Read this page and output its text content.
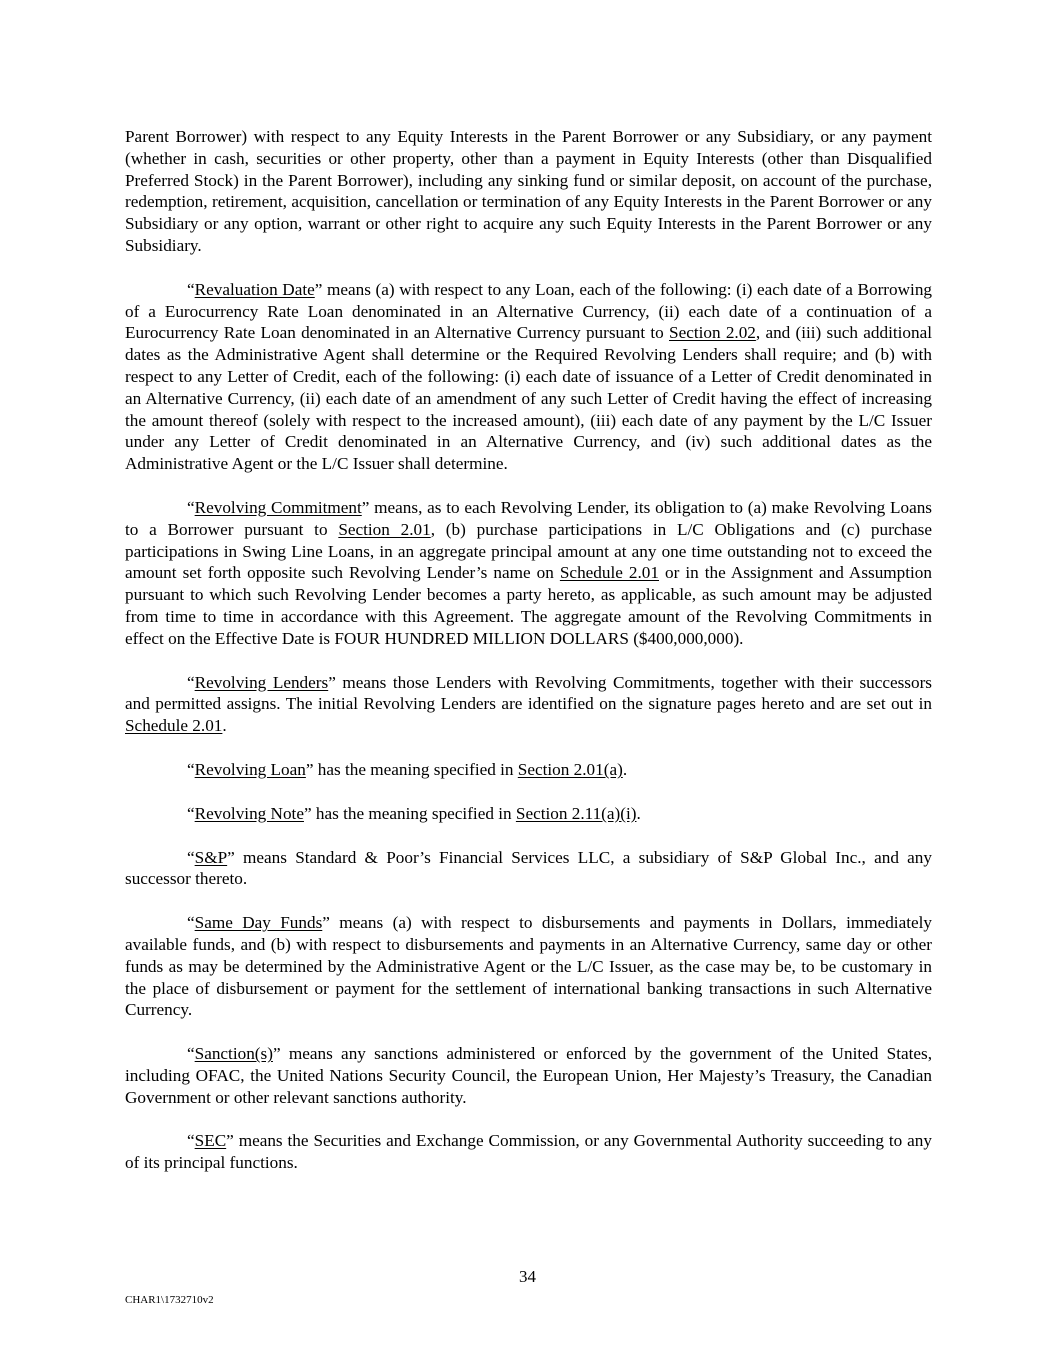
Parent Borrower) with respect to any Equity Interests in the Parent Borrower or any Subsidiary, or any payment (whether in cash, securities or other property, other than a payment in Equity Interests (other than Disqualified Preferred Stock) in the Parent Borrower), including any sinking fund or similar deposit, on account of the purchase, redemption, retirement, acquisition, cancellation or termination of any Equity Interests in the Parent Borrower or any Subsidiary or any option, warrant or other right to acquire any such Equity Interests in the Parent Borrower or any Subsidiary.

“Revaluation Date” means (a) with respect to any Loan, each of the following: (i) each date of a Borrowing of a Eurocurrency Rate Loan denominated in an Alternative Currency, (ii) each date of a continuation of a Eurocurrency Rate Loan denominated in an Alternative Currency pursuant to Section 2.02, and (iii) such additional dates as the Administrative Agent shall determine or the Required Revolving Lenders shall require; and (b) with respect to any Letter of Credit, each of the following: (i) each date of issuance of a Letter of Credit denominated in an Alternative Currency, (ii) each date of an amendment of any such Letter of Credit having the effect of increasing the amount thereof (solely with respect to the increased amount), (iii) each date of any payment by the L/C Issuer under any Letter of Credit denominated in an Alternative Currency, and (iv) such additional dates as the Administrative Agent or the L/C Issuer shall determine.

“Revolving Commitment” means, as to each Revolving Lender, its obligation to (a) make Revolving Loans to a Borrower pursuant to Section 2.01, (b) purchase participations in L/C Obligations and (c) purchase participations in Swing Line Loans, in an aggregate principal amount at any one time outstanding not to exceed the amount set forth opposite such Revolving Lender’s name on Schedule 2.01 or in the Assignment and Assumption pursuant to which such Revolving Lender becomes a party hereto, as applicable, as such amount may be adjusted from time to time in accordance with this Agreement. The aggregate amount of the Revolving Commitments in effect on the Effective Date is FOUR HUNDRED MILLION DOLLARS ($400,000,000).

“Revolving Lenders” means those Lenders with Revolving Commitments, together with their successors and permitted assigns. The initial Revolving Lenders are identified on the signature pages hereto and are set out in Schedule 2.01.

“Revolving Loan” has the meaning specified in Section 2.01(a).

“Revolving Note” has the meaning specified in Section 2.11(a)(i).

“S&P” means Standard & Poor’s Financial Services LLC, a subsidiary of S&P Global Inc., and any successor thereto.

“Same Day Funds” means (a) with respect to disbursements and payments in Dollars, immediately available funds, and (b) with respect to disbursements and payments in an Alternative Currency, same day or other funds as may be determined by the Administrative Agent or the L/C Issuer, as the case may be, to be customary in the place of disbursement or payment for the settlement of international banking transactions in such Alternative Currency.

“Sanction(s)” means any sanctions administered or enforced by the government of the United States, including OFAC, the United Nations Security Council, the European Union, Her Majesty’s Treasury, the Canadian Government or other relevant sanctions authority.

“SEC” means the Securities and Exchange Commission, or any Governmental Authority succeeding to any of its principal functions.

34
CHAR1\1732710v2
